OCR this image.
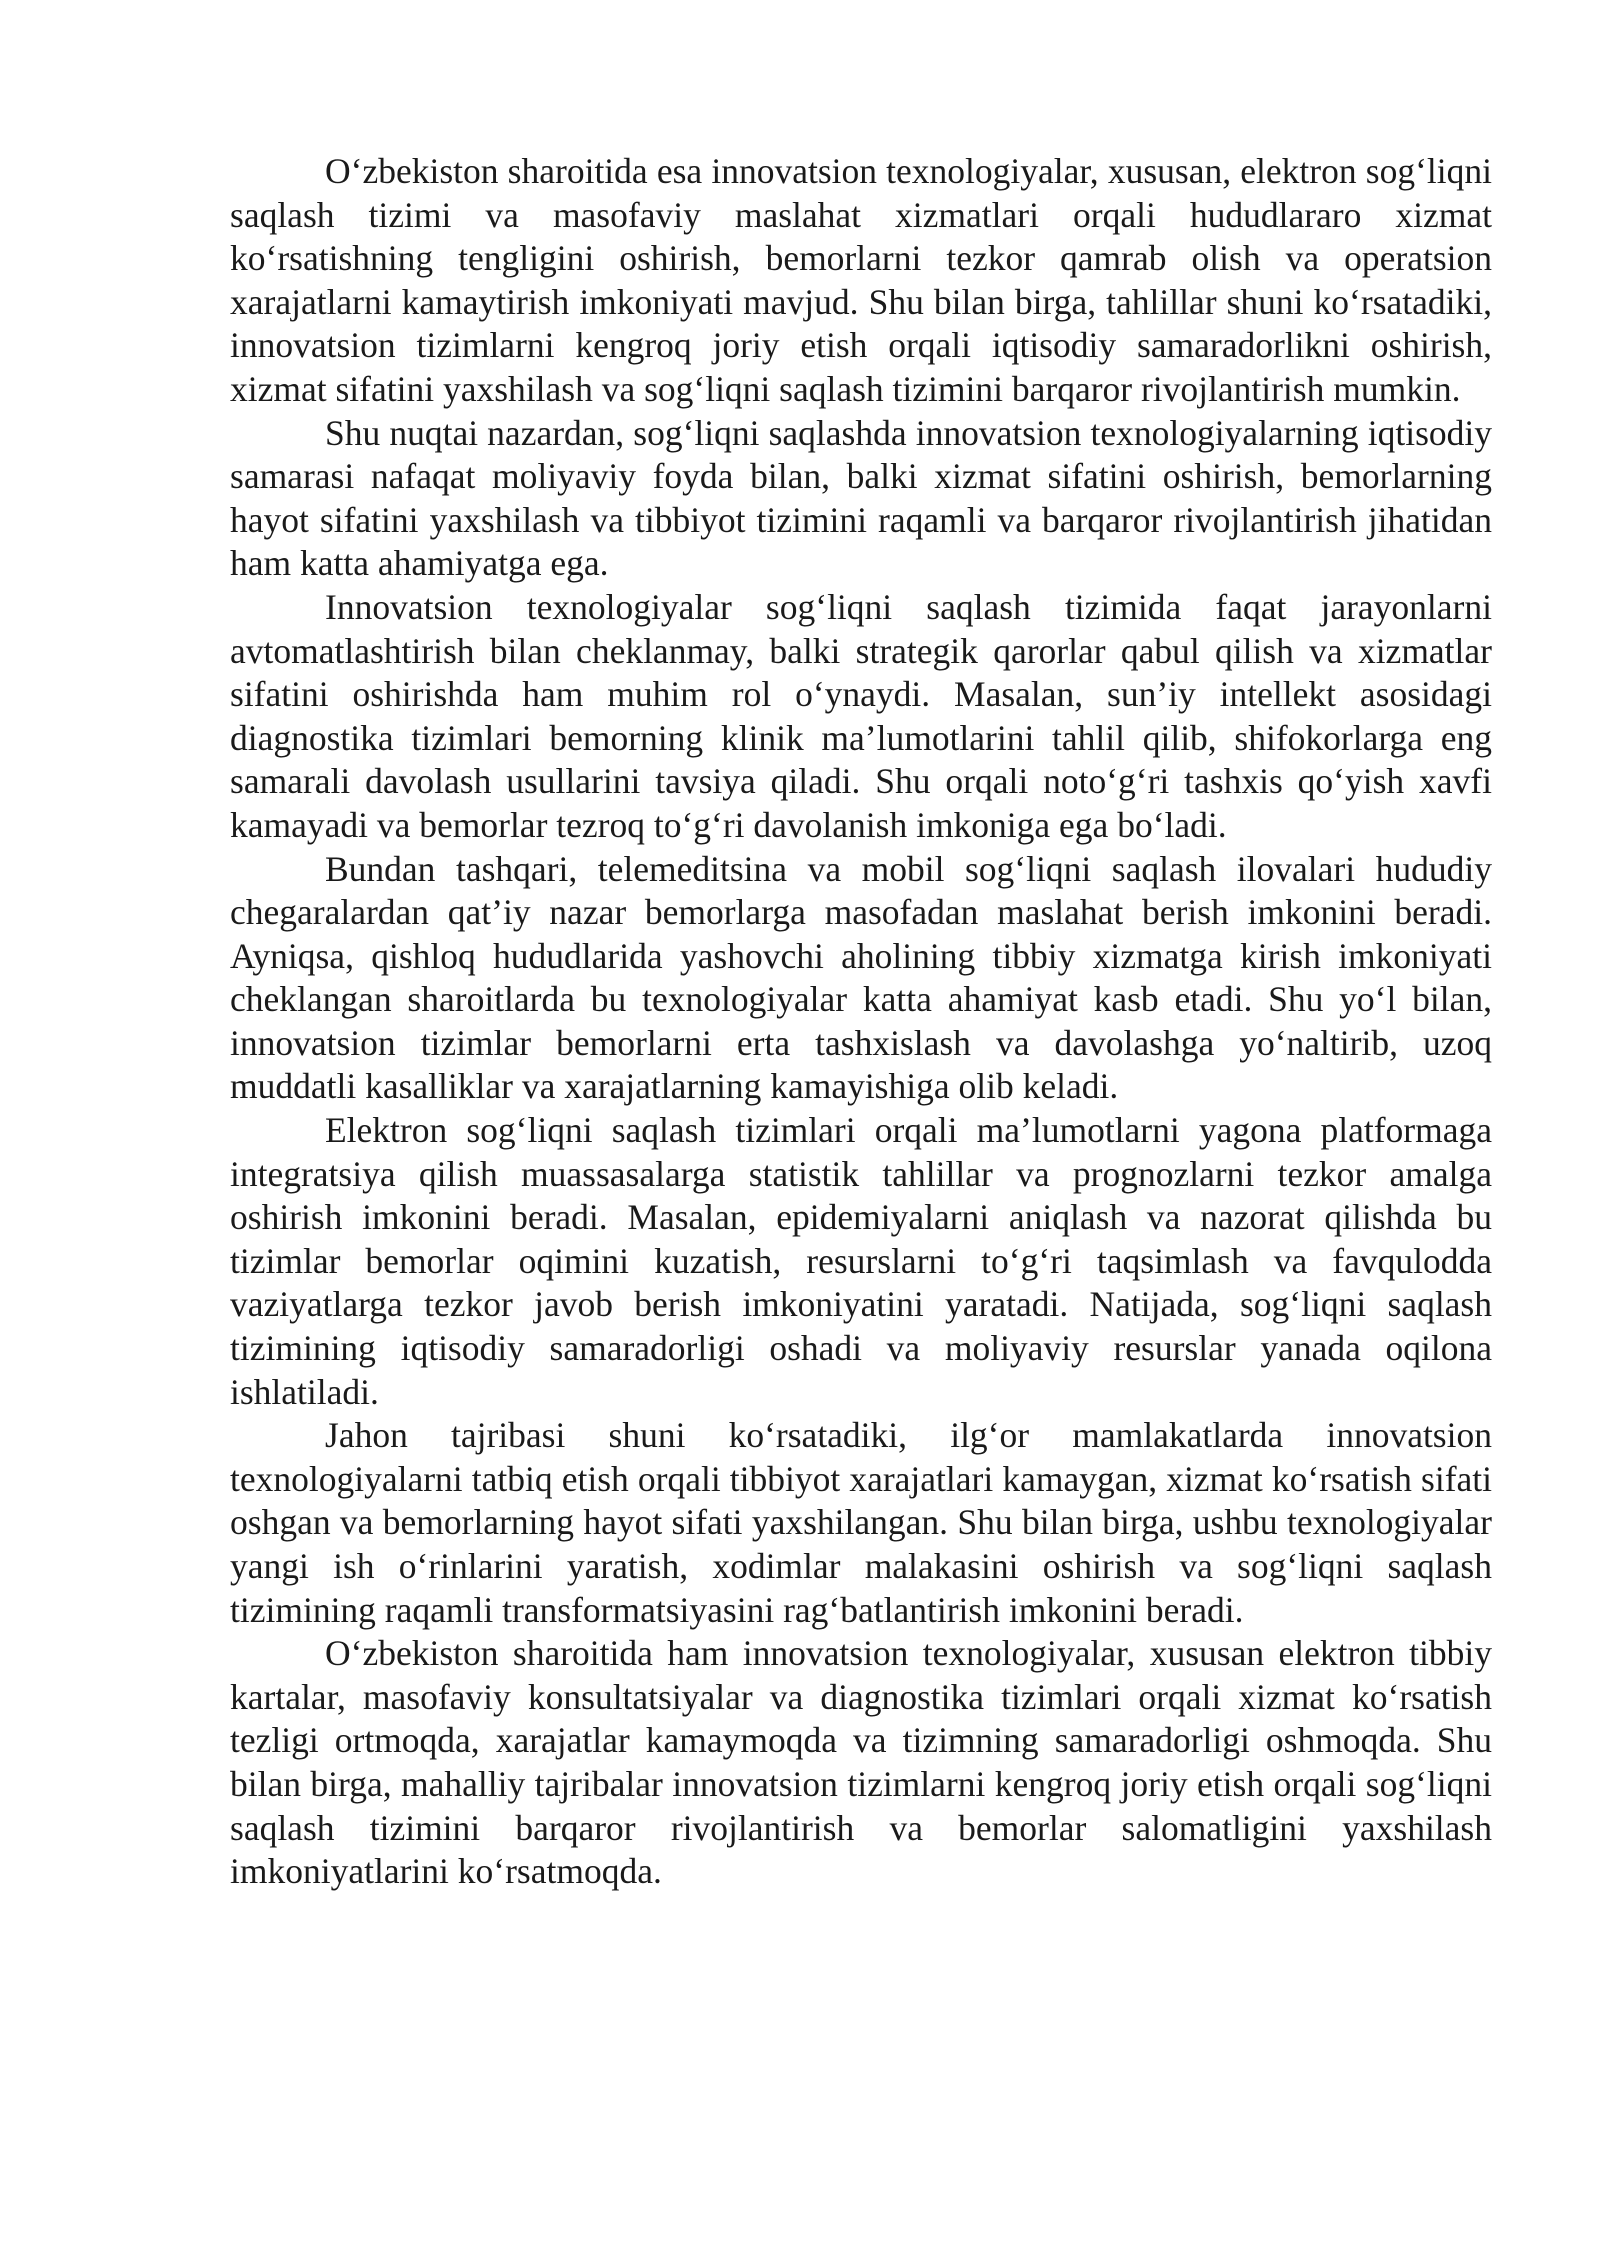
O‘zbekiston sharoitida esa innovatsion texnologiyalar, xususan, elektron sog‘liqni saqlash tizimi va masofaviy maslahat xizmatlari orqali hududlararo xizmat ko‘rsatishning tengligini oshirish, bemorlarni tezkor qamrab olish va operatsion xarajatlarni kamaytirish imkoniyati mavjud. Shu bilan birga, tahlillar shuni ko‘rsatadiki, innovatsion tizimlarni kengroq joriy etish orqali iqtisodiy samaradorlikni oshirish, xizmat sifatini yaxshilash va sog‘liqni saqlash tizimini barqaror rivojlantirish mumkin.

Shu nuqtai nazardan, sog‘liqni saqlashda innovatsion texnologiyalarning iqtisodiy samarasi nafaqat moliyaviy foyda bilan, balki xizmat sifatini oshirish, bemorlarning hayot sifatini yaxshilash va tibbiyot tizimini raqamli va barqaror rivojlantirish jihatidan ham katta ahamiyatga ega.

Innovatsion texnologiyalar sog‘liqni saqlash tizimida faqat jarayonlarni avtomatlashtirish bilan cheklanmay, balki strategik qarorlar qabul qilish va xizmatlar sifatini oshirishda ham muhim rol o‘ynaydi. Masalan, sun’iy intellekt asosidagi diagnostika tizimlari bemorning klinik ma’lumotlarini tahlil qilib, shifokorlarga eng samarali davolash usullarini tavsiya qiladi. Shu orqali noto‘g‘ri tashxis qo‘yish xavfi kamayadi va bemorlar tezroq to‘g‘ri davolanish imkoniga ega bo‘ladi.

Bundan tashqari, telemeditsina va mobil sog‘liqni saqlash ilovalari hududiy chegaralardan qat’iy nazar bemorlarga masofadan maslahat berish imkonini beradi. Ayniqsa, qishloq hududlarida yashovchi aholining tibbiy xizmatga kirish imkoniyati cheklangan sharoitlarda bu texnologiyalar katta ahamiyat kasb etadi. Shu yo‘l bilan, innovatsion tizimlar bemorlarni erta tashxislash va davolashga yo‘naltirib, uzoq muddatli kasalliklar va xarajatlarning kamayishiga olib keladi.

Elektron sog‘liqni saqlash tizimlari orqali ma’lumotlarni yagona platformaga integratsiya qilish muassasalarga statistik tahlillar va prognozlarni tezkor amalga oshirish imkonini beradi. Masalan, epidemiyalarni aniqlash va nazorat qilishda bu tizimlar bemorlar oqimini kuzatish, resurslarni to‘g‘ri taqsimlash va favqulodda vaziyatlarga tezkor javob berish imkoniyatini yaratadi. Natijada, sog‘liqni saqlash tizimining iqtisodiy samaradorligi oshadi va moliyaviy resurslar yanada oqilona ishlatiladi.

Jahon tajribasi shuni ko‘rsatadiki, ilg‘or mamlakatlarda innovatsion texnologiyalarni tatbiq etish orqali tibbiyot xarajatlari kamaygan, xizmat ko‘rsatish sifati oshgan va bemorlarning hayot sifati yaxshilangan. Shu bilan birga, ushbu texnologiyalar yangi ish o‘rinlarini yaratish, xodimlar malakasini oshirish va sog‘liqni saqlash tizimining raqamli transformatsiyasini rag‘batlantirish imkonini beradi.

O‘zbekiston sharoitida ham innovatsion texnologiyalar, xususan elektron tibbiy kartalar, masofaviy konsultatsiyalar va diagnostika tizimlari orqali xizmat ko‘rsatish tezligi ortmoqda, xarajatlar kamaymoqda va tizimning samaradorligi oshmoqda. Shu bilan birga, mahalliy tajribalar innovatsion tizimlarni kengroq joriy etish orqali sog‘liqni saqlash tizimini barqaror rivojlantirish va bemorlar salomatligini yaxshilash imkoniyatlarini ko‘rsatmoqda.
